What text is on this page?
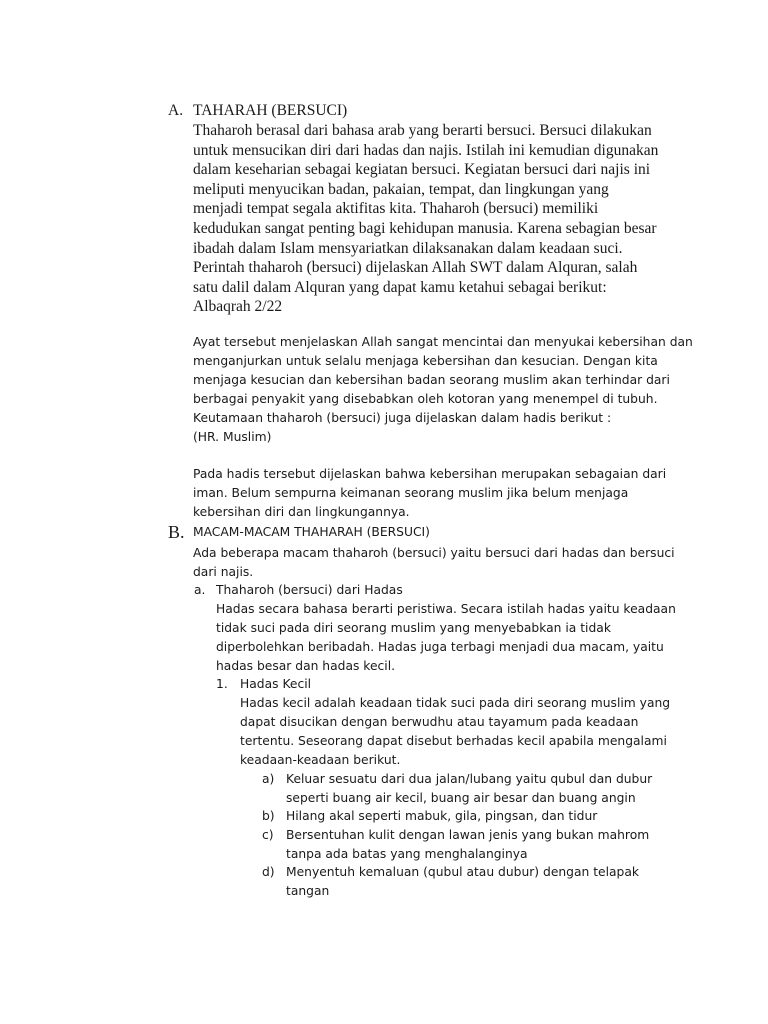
A. TAHARAH (BERSUCI)
Thaharoh berasal dari bahasa arab yang berarti bersuci. Bersuci dilakukan
untuk mensucikan diri dari hadas dan najis. Istilah ini kemudian digunakan
dalam keseharian sebagai kegiatan bersuci. Kegiatan bersuci dari najis ini
meliputi menyucikan badan, pakaian, tempat, dan lingkungan yang
menjadi tempat segala aktifitas kita. Thaharoh (bersuci) memiliki
kedudukan sangat penting bagi kehidupan manusia. Karena sebagian besar
ibadah dalam Islam mensyariatkan dilaksanakan dalam keadaan suci.
Perintah thaharoh (bersuci) dijelaskan Allah SWT dalam Alquran, salah
satu dalil dalam Alquran yang dapat kamu ketahui sebagai berikut:
Albaqrah 2/22
Ayat tersebut menjelaskan Allah sangat mencintai dan menyukai kebersihan dan
menganjurkan untuk selalu menjaga kebersihan dan kesucian. Dengan kita
menjaga kesucian dan kebersihan badan seorang muslim akan terhindar dari
berbagai penyakit yang disebabkan oleh kotoran yang menempel di tubuh.
Keutamaan thaharoh (bersuci) juga dijelaskan dalam hadis berikut :
(HR. Muslim)
Pada hadis tersebut dijelaskan bahwa kebersihan merupakan sebagaian dari
iman. Belum sempurna keimanan seorang muslim jika belum menjaga
kebersihan diri dan lingkungannya.
B. MACAM-MACAM THAHARAH (BERSUCI)
Ada beberapa macam thaharoh (bersuci) yaitu bersuci dari hadas dan bersuci
dari najis.
a. Thaharoh (bersuci) dari Hadas
Hadas secara bahasa berarti peristiwa. Secara istilah hadas yaitu keadaan
tidak suci pada diri seorang muslim yang menyebabkan ia tidak
diperbolehkan beribadah. Hadas juga terbagi menjadi dua macam, yaitu
hadas besar dan hadas kecil.
1. Hadas Kecil
Hadas kecil adalah keadaan tidak suci pada diri seorang muslim yang
dapat disucikan dengan berwudhu atau tayamum pada keadaan
tertentu. Seseorang dapat disebut berhadas kecil apabila mengalami
keadaan-keadaan berikut.
a) Keluar sesuatu dari dua jalan/lubang yaitu qubul dan dubur
seperti buang air kecil, buang air besar dan buang angin
b) Hilang akal seperti mabuk, gila, pingsan, dan tidur
c) Bersentuhan kulit dengan lawan jenis yang bukan mahrom
tanpa ada batas yang menghalanginya
d) Menyentuh kemaluan (qubul atau dubur) dengan telapak
tangan
